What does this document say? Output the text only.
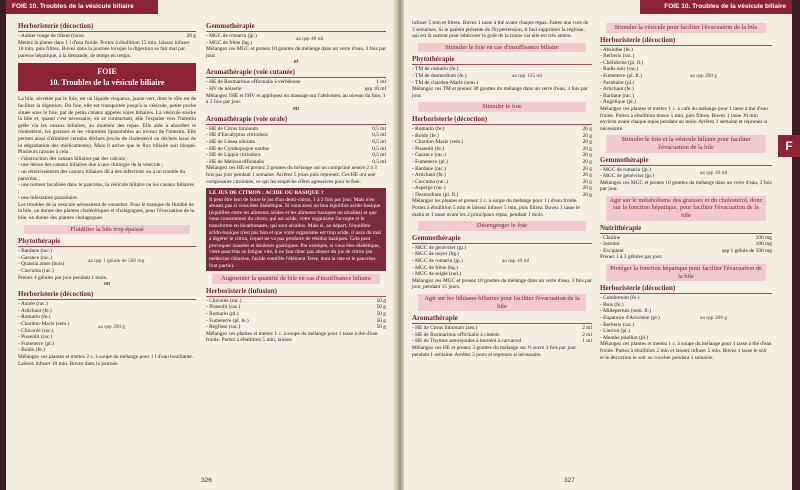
FOIE 10. Troubles de la vésicule biliaire
Herboristerie (décoction)
- Aubier rouge de tilleul (bois)	20 g
Mettez la plante dans 1 l d'eau froide. Portez à ébullition 15 min, laissez infuser 10 min, puis filtrez. Buvez dans la journée lorsque la digestion se fait mal par paresse hépatique, à la demande, de temps en temps.
FOIE
10. Troubles de la vésicule biliaire
La bile, sécrétée par le foie, est un liquide visqueux, jaune-vert, dont le rôle est de faciliter la digestion. Du foie, elle est transportée jusqu'à la vésicule, petite poche située sous le foie, par de petits canaux appelés voies biliaires. La vésicule stocke la bile et, quand c'est nécessaire, en se contractant, elle l'expulse vers l'intestin grêle via les canaux biliaires, au moment des repas. Elle aide à absorber le cholestérol, les graisses et les vitamines liposolubles au niveau de l'intestin. Elle permet aussi d'éliminer certains déchets (excès de cholestérol ou déchets issus de la dégradation des médicaments). Mais il arrive que le flux biliaire soit bloqué. Plusieurs raisons à cela :
- l'obstruction des canaux biliaires par des calculs ;
- une lésion des canaux biliaires due à une chirurgie de la vésicule ;
- un rétrécissement des canaux biliaires dû à des infections ou à un trouble du pancréas ;
- une tumeur localisée dans le pancréas, la vésicule biliaire ou les canaux biliaires ;
- une infestation parasitaire.
Les troubles de la vésicule nécessitent de consulter. Pour le manque de fluidité de la bile, on donne des plantes cholérétiques et cholagogues, pour l'évacuation de la bile, on donne des plantes cholagogues.
Fluidifier la bile trop épaissé
Phytothérapie
- Bardane (rac.)
- Garance (rac.)
- Quassia amer (bois)
- Curcuma (rac.)
aa qsp 1 gélule de 560 mg
Prenez 4 gélules par jour pendant 1 mois.
ou
Herboristerie (décoction)
- Aunée (rac.)
- Artichaut (fe.)
- Romarin (fe.)
- Chardon-Marie (sem.)
- Chicorée (rac.)
- Pissenlit (rac.)
- Fumeterre (pl.)
- Boldo (fe.)
aa qsp 200 g
Mélangez ces plantes et mettez 2 c. à soupe du mélange pour 1 l d'eau bouillante. Laissez infuser 10 min. Buvez dans la journée.
Gemmothérapie
- MGC de romarin (jp.)
- MGC de frêne (bg.)
aa qsp 40 ml
Mélangez ces MGC et prenez 10 gouttes du mélange dans un verre d'eau, 3 fois par jour.
et
Aromathérapie (voie cutanée)
- HE de Rosmarinus officinalis à verbénone	1 ml
- HV de noisette	qsp 10 ml
Mélangez l'HE et l'HV et appliquez en massage sur l'abdomen, au niveau du foie, 1 à 3 fois par jour.
ou
Aromathérapie (voie orale)
- HE de Citrus limonum	0,5 ml
- HE d'Eucalyptus citriodora	0,5 ml
- HE de Litsea odorata	0,5 ml
- HE de Cymbopogon nardus	0,5 ml
- HE de Lippia citriodora	0,5 ml
- HE de Melissa officinalis	0,5 ml
Mélangez ces HE et prenez 2 gouttes du mélange sur un comprimé neutre 2 à 3 fois par jour pendant 1 semaine. Arrêtez 5 jours puis reprenez. Ces HE ont une composante citronnée, ce qui les empêche d'être agressives pour le foie.
LE JUS DE CITRON : ACIDE OU BASIQUE ?
Il peut être bon de boire le jus d'un demi-citron, 1 à 2 fois par jour. Mais n'en abusez pas si vous êtes diabétique. Si vous avez un bon équilibre acido-basique (équilibre entre les aliments acides et les aliments basiques ou alcalins) et que vous consommez du citron, qui est acide, votre organisme l'accepte et le transforme en bicarbonates, qui sont alcalins. Mais si, au départ, l'équilibre acido-basique n'est pas bon et que votre organisme est trop acide, il aura du mal à digérer le citron, lequel ne va pas produire de résidus basiques. Cela peut provoquer nausées et douleurs gastriques. Par exemple, si vous êtes diabétique, votre pancréas se fatigue vite, il ne faut donc pas abuser du jus de citron (en médecine chinoise, l'acide contrôle l'élément Terre, dont la rate et le pancréas font partie).
Augmenter la quantité de bile en cas d'insuffisance biliaire
Herboristerie (infusion)
- Chicorée (rac.)	50 g
- Pissenlit (rac.)	50 g
- Romarin (pl.)	50 g
- Fumeterre (pl. fe.)	50 g
- Réglisse (rac.)	50 g
Mélangez ces plantes et mettez 1 c. à soupe du mélange pour 1 tasse à thé d'eau froide. Portez à ébullition 5 min, laissez
326
FOIE 10. Troubles de la vésicule biliaire
infuser 5 min et filtrez. Buvez 1 tasse à thé avant chaque repas. Faites une cure de 3 semaines. Si le patient présente de l'hypertension, il faut supprimer la réglisse, qui est là surtout pour édulcorer le goût de la tisane car elle est très amère.
Stimuler le foie en cas d'insuffisance biliaire
Phytothérapie
- TM de romarin (fe.)
- TM de desmodium (fe.)
- TM de chardon-Marie (sem.)
aa qsp 125 ml
Mélangez ces TM et prenez 30 gouttes du mélange dans un verre d'eau, 3 fois par jour.
Stimuler le foie
Herboristerie (décoction)
- Romarin (fe.)	20 g
- Boldo (fe.)	20 g
- Chardon-Marie (sem.)	20 g
- Pissenlit (fe.)	20 g
- Garance (rac.)	20 g
- Fumeterre (pl.)	20 g
- Bardane (rac.)	20 g
- Artichaut (fe.)	20 g
- Curcuma (rac.)	20 g
- Asperge (rac.)	20 g
- Desmodium (pl. fl.)	20 g
Mélangez les plantes et prenez 2 c. à soupe du mélange pour 1 l d'eau froide. Portez à ébullition 5 min et laissez infuser 5 min, puis filtrez. Buvez 1 tasse le matin et 1 tasse avant les 2 principaux repas, pendant 1 mois.
Désengorger le foie
Gemmothérapie
- MGC de genévrier (jp.)
- MGC de noyer (bg.)
- MGC de romarin (jp.)
- MGC de frêne (bg.)
- MGC de seigle (rad.)
aa qsp 40 ml
Mélangez ces MGC et prenez 10 gouttes du mélange dans un verre d'eau, 3 fois par jour, pendant 15 jours.
Agir sur les lithiases biliaires pour faciliter l'évacuation de la bile
Aromathérapie
- HE de Citrus limonum (zes.)	2 ml
- HE de Rosmarinus officinalis à cinéole	2 ml
- HE de Thymus saturejoides à bornéol à carvacrol	1 ml
Mélangez ces HE et prenez 3 gouttes du mélange sur ½ sucre 3 fois par jour pendant 1 semaine. Arrêtez 3 jours et reprenez si nécessaire.
Stimuler la vésicule pour faciliter l'évacuation de la bile
Herboristerie (décoction)
- Absinthe (fe.)
- Berberis (rac.)
- Chélidoine (pl. fl.)
- Radis noir (rac.)
- Fumeterre (pl. fl.)
- Pariétaire (pl.)
- Artichaut (fe.)
- Bardane (rac.)
- Angélique (pl.)
aa qsp 200 g
Mélangez ces plantes et mettez 1 c. à café du mélange pour 1 tasse à thé d'eau froide. Portez à ébullition douce 5 min, puis filtrez. Buvez 1 tasse 30 min environ avant chaque repas pendant un mois. Arrêtez 1 semaine et reprenez si nécessaire.
Stimuler le foie et la vésicule biliaire pour faciliter l'évacuation de la bile
Gemmothérapie
- MGC de romarin (jp.)
- MGC de genévrier (jp.)
aa qsp 40 ml
Mélangez ces MGC et prenez 10 gouttes du mélange dans un verre d'eau, 3 fois par jour.
Agir sur le métabolisme des graisses et du cholestérol, donc sur la fonction hépatique, pour faciliter l'évacuation de la bile
Nutrithérapie
- Choline	200 mg
- Inositol	100 mg
- Excipient	qsp 1 gélule de 500 mg
Prenez 1 à 3 gélules par jour.
Protéger la fonction hépatique pour faciliter l'évacuation de la bile
Herboristerie (décoction)
- Combretum (fe.)
- Buis (fe.)
- Millepertuis (som. fl.)
- Eupatoire d'Avicenne (pl.)
- Berberis (rac.)
- Lierron (pl.)
- Menthe poulliot (pl.)
aa qsp 200 g
Mélangez ces plantes et mettez 1 c. à soupe du mélange pour 1 tasse à thé d'eau froide. Portez à ébullition 2 min et laissez infuser 5 min. Buvez 1 tasse le soir et le décoction le soir au coucher pendant 1 semaine.
327
F
